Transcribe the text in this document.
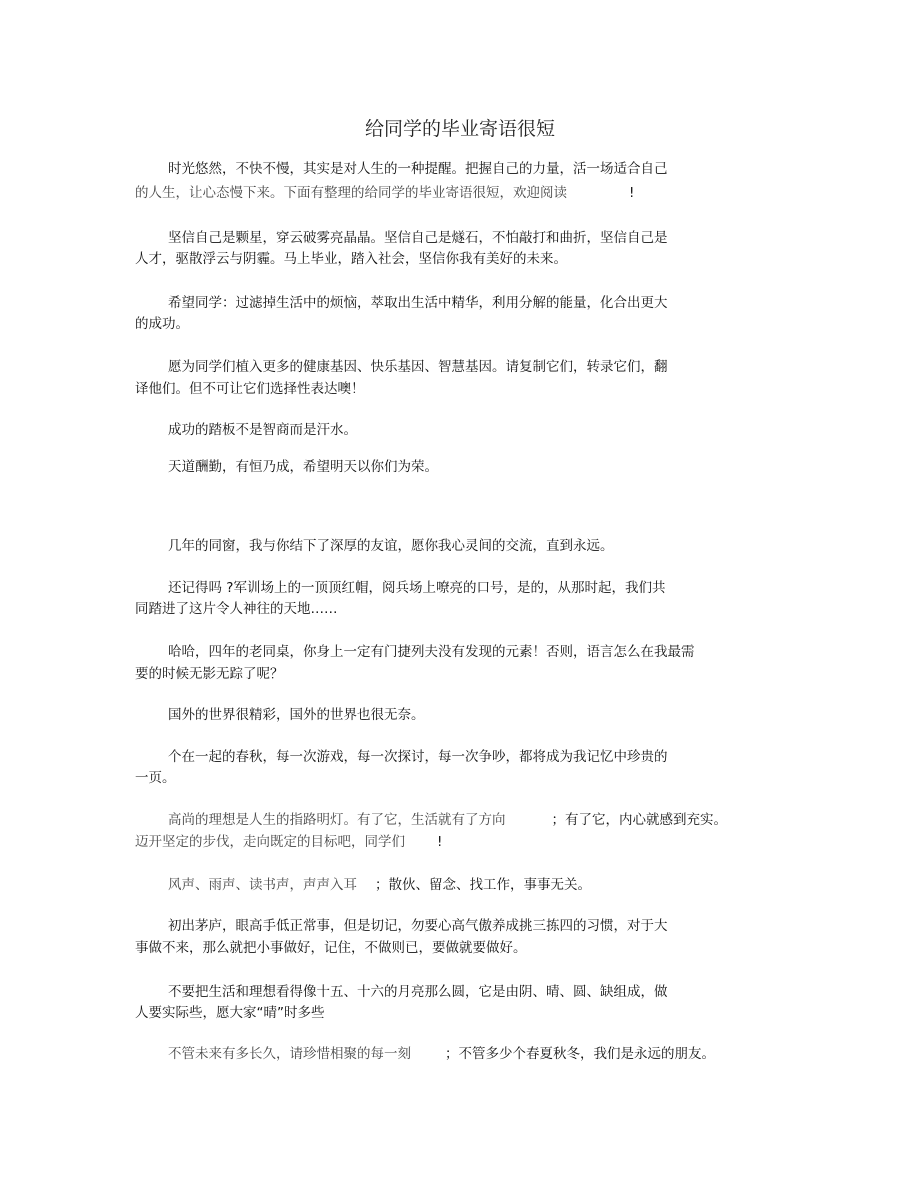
给同学的毕业寄语很短
时光悠然，不快不慢，其实是对人生的一种提醒。把握自己的力量，活一场适合自己
的人生，让心态慢下来。下面有整理的给同学的毕业寄语很短，欢迎阅读	!
坚信自己是颗星，穿云破雾亮晶晶。坚信自己是燧石，不怕敲打和曲折，坚信自己是
人才，驱散浮云与阴霾。马上毕业，踏入社会，坚信你我有美好的未来。
希望同学：过滤掉生活中的烦恼，萃取出生活中精华，利用分解的能量，化合出更大
的成功。
愿为同学们植入更多的健康基因、快乐基因、智慧基因。请复制它们，转录它们，翻
译他们。但不可让它们选择性表达噢！
成功的踏板不是智商而是汗水。
天道酬勤，有恒乃成，希望明天以你们为荣。
几年的同窗，我与你结下了深厚的友谊，愿你我心灵间的交流，直到永远。
还记得吗 ?军训场上的一顶顶红帽，阅兵场上嘹亮的口号，是的，从那时起，我们共
同踏进了这片令人神往的天地……
哈哈，四年的老同桌，你身上一定有门捷列夫没有发现的元素！否则，语言怎么在我最需
要的时候无影无踪了呢？
国外的世界很精彩，国外的世界也很无奈。
个在一起的春秋，每一次游戏，每一次探讨，每一次争吵，都将成为我记忆中珍贵的
一页。
高尚的理想是人生的指路明灯。有了它，生活就有了方向	；有了它，内心就感到充实。
迈开坚定的步伐，走向既定的目标吧，同学们 !
风声、雨声、读书声，声声入耳 ；散伙、留念、找工作，事事无关。
初出茅庐，眼高手低正常事，但是切记，勿要心高气傲养成挑三拣四的习惯，对于大
事做不来，那么就把小事做好，记住，不做则已，要做就要做好。
不要把生活和理想看得像十五、十六的月亮那么圆，它是由阴、晴、圆、缺组成，做
人要实际些，愿大家“晴”时多些
不管未来有多长久，请珍惜相聚的每一刻	；不管多少个春夏秋冬，我们是永远的朋友。
